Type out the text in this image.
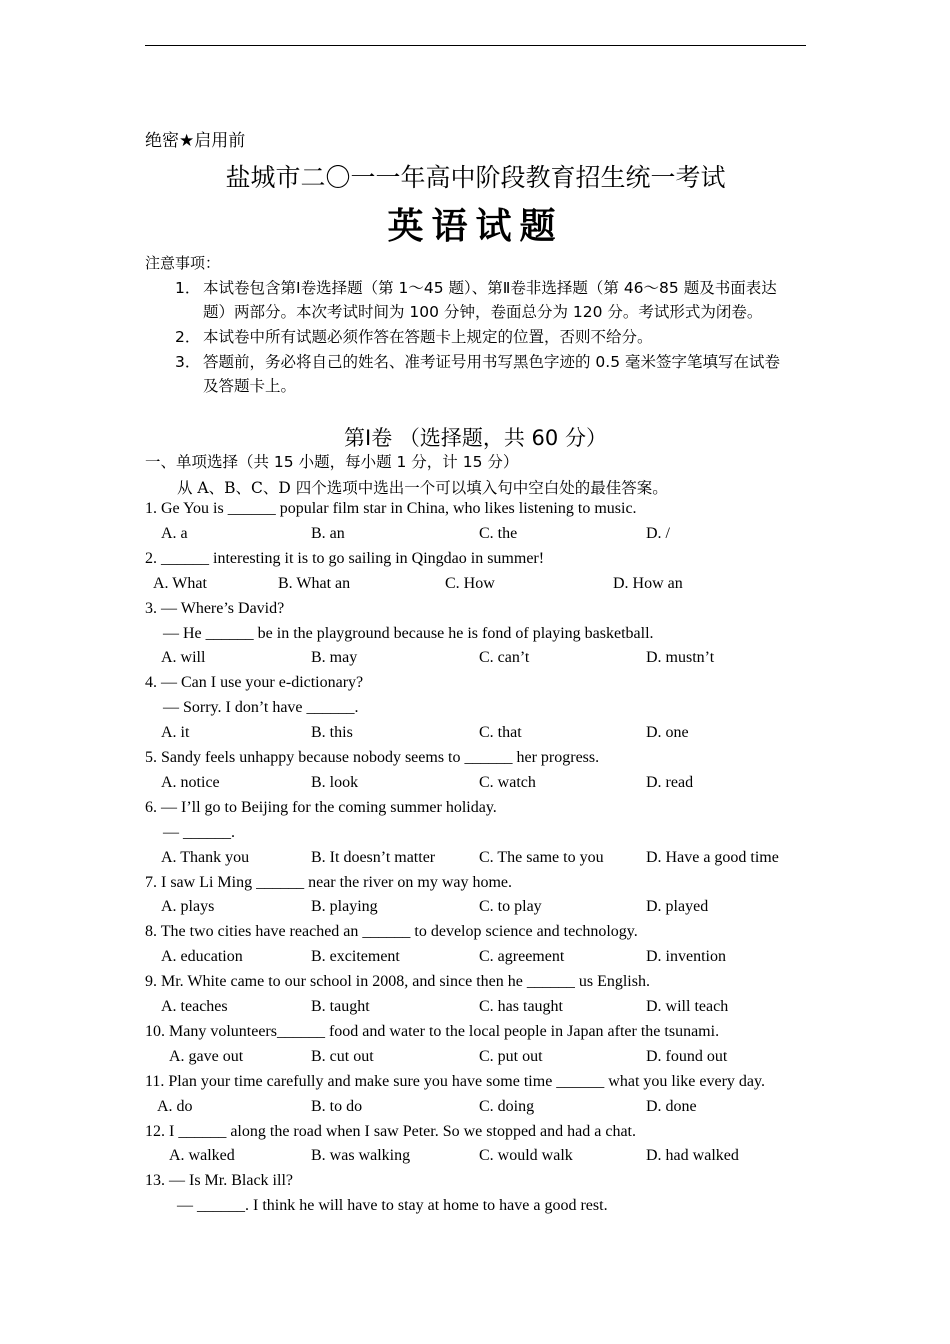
绝密★启用前
盐城市二〇一一年高中阶段教育招生统一考试
英语试题
注意事项：
1． 本试卷包含第Ⅰ卷选择题（第 1～45 题）、第Ⅱ卷非选择题（第 46～85 题及书面表达
题）两部分。本次考试时间为 100 分钟，卷面总分为 120 分。考试形式为闭卷。
2． 本试卷中所有试题必须作答在答题卡上规定的位置，否则不给分。
3． 答题前，务必将自己的姓名、准考证号用书写黑色字迹的 0.5 毫米签字笔填写在试卷
及答题卡上。
第Ⅰ卷 （选择题，共 60 分）
一、单项选择（共 15 小题，每小题 1 分，计 15 分）
从 A、B、C、D 四个选项中选出一个可以填入句中空白处的最佳答案。
1. Ge You is ______ popular film star in China, who likes listening to music.
A. a	B. an	C. the	D. /
2. ______ interesting it is to go sailing in Qingdao in summer!
A. What	B. What an	C. How	D. How an
3. — Where’s David?
— He ______ be in the playground because he is fond of playing basketball.
A. will	B. may	C. can’t	D. mustn’t
4. — Can I use your e-dictionary?
— Sorry. I don’t have ______.
A. it	B. this	C. that	D. one
5. Sandy feels unhappy because nobody seems to ______ her progress.
A. notice	B. look	C. watch	D. read
6. — I’ll go to Beijing for the coming summer holiday.
— ______.
A. Thank you	B. It doesn’t matter	C. The same to you	D. Have a good time
7. I saw Li Ming ______ near the river on my way home.
A. plays	B. playing	C. to play	D. played
8. The two cities have reached an ______ to develop science and technology.
A. education	B. excitement	C. agreement	D. invention
9. Mr. White came to our school in 2008, and since then he ______ us English.
A. teaches	B. taught	C. has taught	D. will teach
10. Many volunteers______ food and water to the local people in Japan after the tsunami.
A. gave out	B. cut out	C. put out	D. found out
11. Plan your time carefully and make sure you have some time ______ what you like every day.
A. do	B. to do	C. doing	D. done
12. I ______ along the road when I saw Peter. So we stopped and had a chat.
A. walked	B. was walking	C. would walk	D. had walked
13. — Is Mr. Black ill?
— ______. I think he will have to stay at home to have a good rest.
